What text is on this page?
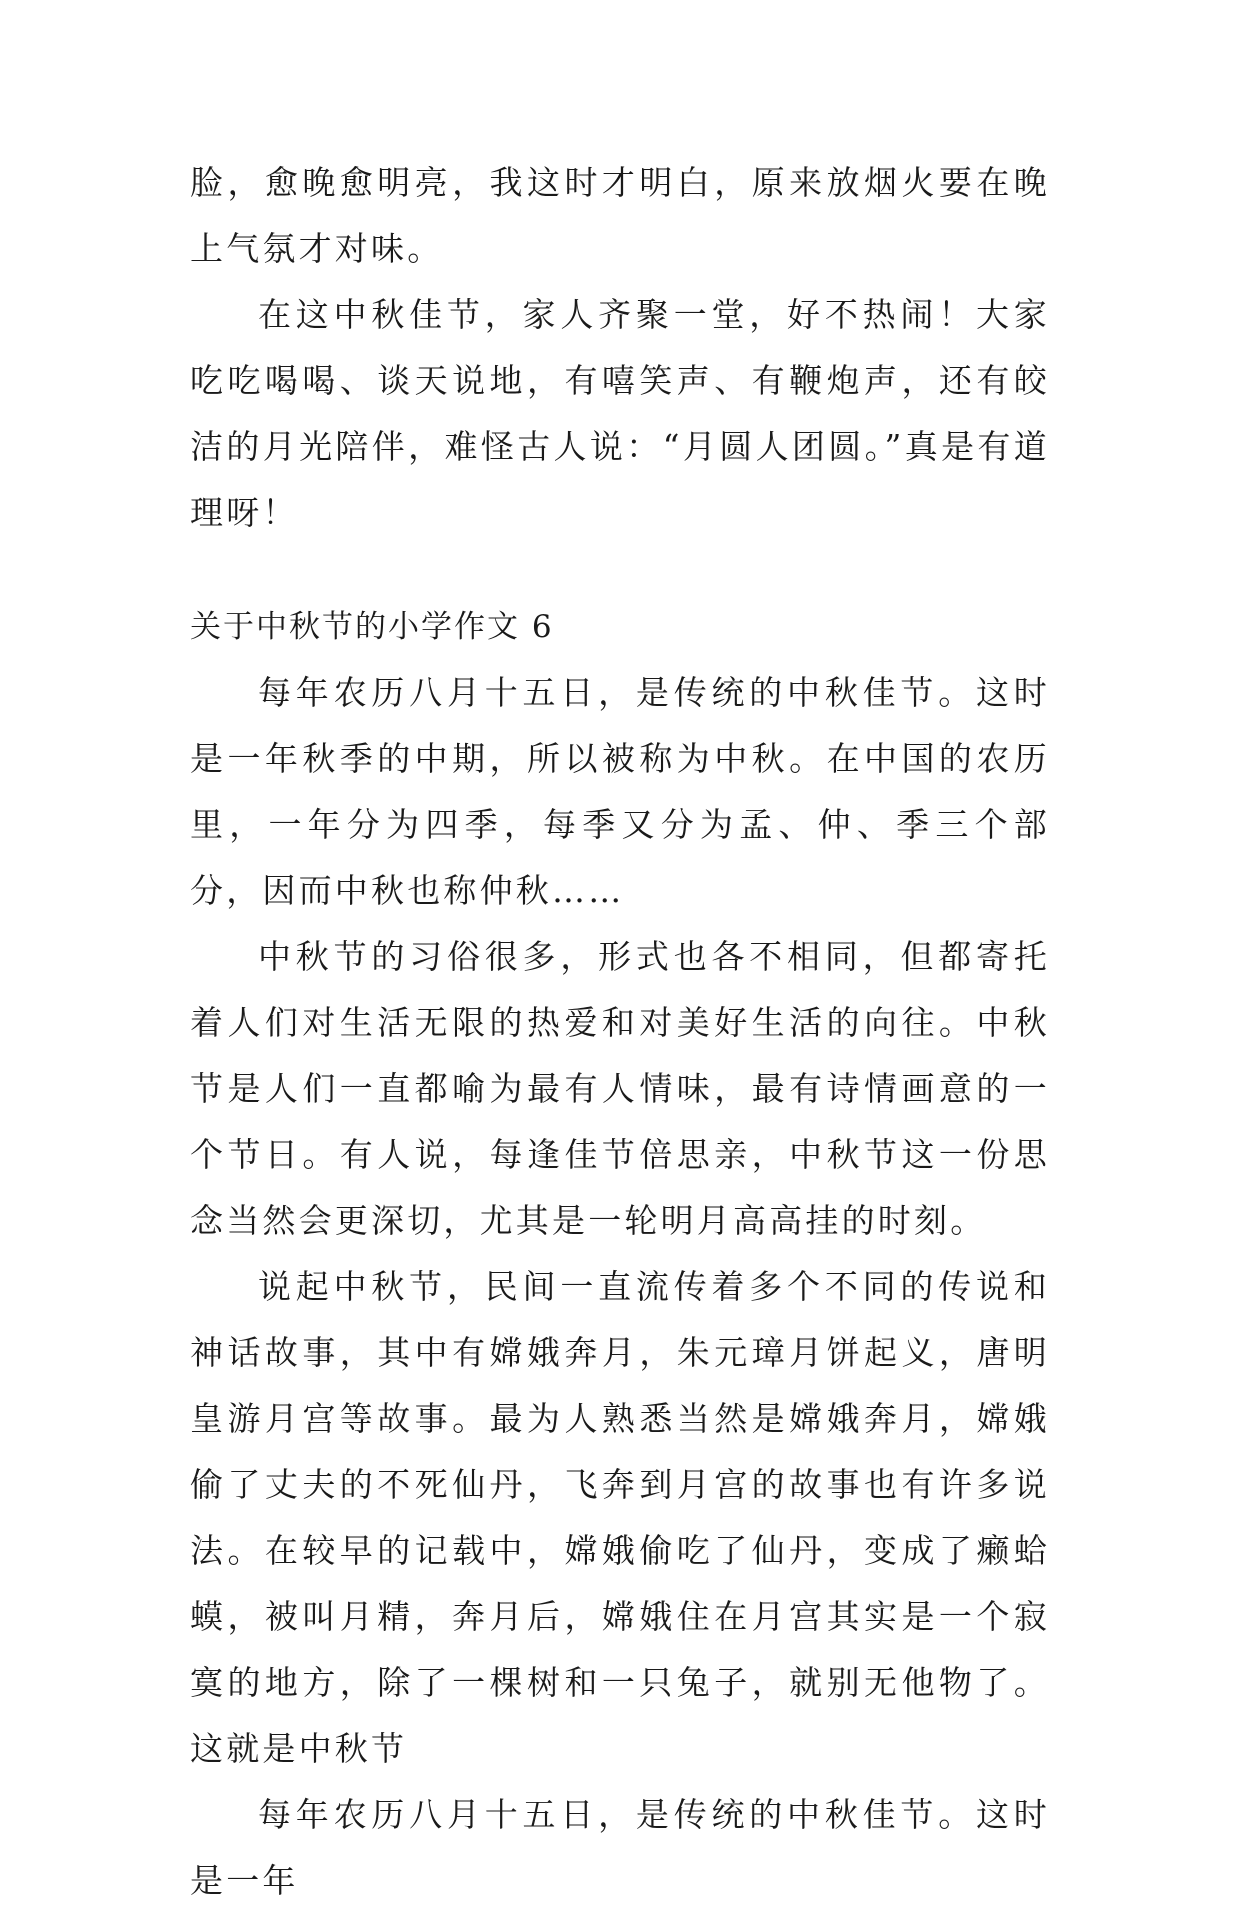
脸，愈晚愈明亮，我这时才明白，原来放烟火要在晚上气氛才对味。

在这中秋佳节，家人齐聚一堂，好不热闹！大家吃吃喝喝、谈天说地，有嘻笑声、有鞭炮声，还有皎洁的月光陪伴，难怪古人说：“月圆人团圆。”真是有道理呀！

关于中秋节的小学作文 6

每年农历八月十五日，是传统的中秋佳节。这时是一年秋季的中期，所以被称为中秋。在中国的农历里，一年分为四季，每季又分为孟、仲、季三个部分，因而中秋也称仲秋……

中秋节的习俗很多，形式也各不相同，但都寄托着人们对生活无限的热爱和对美好生活的向往。中秋节是人们一直都喻为最有人情味，最有诗情画意的一个节日。有人说，每逢佳节倍思亲，中秋节这一份思念当然会更深切，尤其是一轮明月高高挂的时刻。

说起中秋节，民间一直流传着多个不同的传说和神话故事，其中有嫦娥奔月，朱元璋月饼起义，唐明皇游月宫等故事。最为人熟悉当然是嫦娥奔月，嫦娥偷了丈夫的不死仙丹，飞奔到月宫的故事也有许多说法。在较早的记载中，嫦娥偷吃了仙丹，变成了癞蛤蟆，被叫月精，奔月后，嫦娥住在月宫其实是一个寂寞的地方，除了一棵树和一只兔子，就别无他物了。这就是中秋节

每年农历八月十五日，是传统的中秋佳节。这时是一年
